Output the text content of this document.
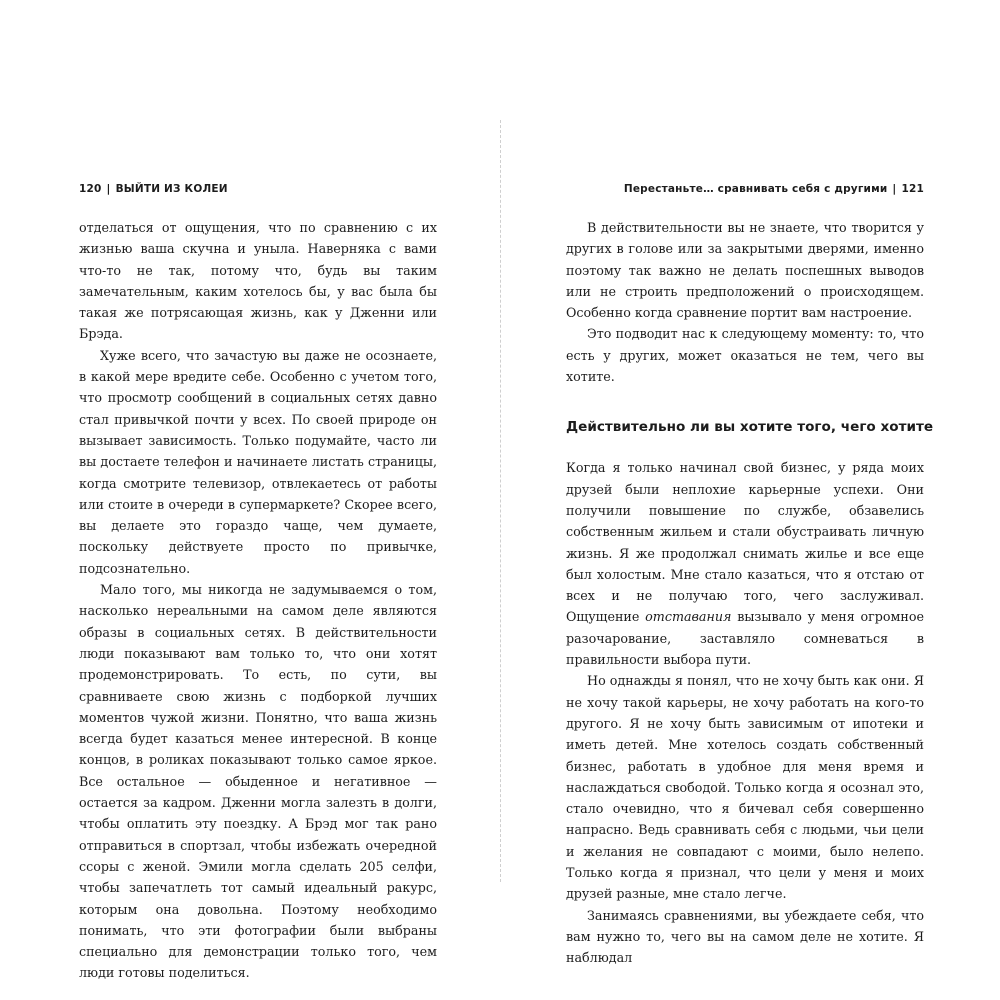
120 | ВЫЙТИ ИЗ КОЛЕИ

отделаться от ощущения, что по сравнению с их жизнью ваша скучна и уныла. Наверняка с вами что-то не так, потому что, будь вы таким замечательным, каким хотелось бы, у вас была бы такая же потрясающая жизнь, как у Дженни или Брэда.

Хуже всего, что зачастую вы даже не осознаете, в какой мере вредите себе. Особенно с учетом того, что просмотр сообщений в социальных сетях давно стал привычкой почти у всех. По своей природе он вызывает зависимость. Только подумайте, часто ли вы достаете телефон и начинаете листать страницы, когда смотрите телевизор, отвлекаетесь от работы или стоите в очереди в супермаркете? Скорее всего, вы делаете это гораздо чаще, чем думаете, поскольку действуете просто по привычке, подсознательно.

Мало того, мы никогда не задумываемся о том, насколько нереальными на самом деле являются образы в социальных сетях. В действительности люди показывают вам только то, что они хотят продемонстрировать. То есть, по сути, вы сравниваете свою жизнь с подборкой лучших моментов чужой жизни. Понятно, что ваша жизнь всегда будет казаться менее интересной. В конце концов, в роликах показывают только самое яркое. Все остальное — обыденное и негативное — остается за кадром. Дженни могла залезть в долги, чтобы оплатить эту поездку. А Брэд мог так рано отправиться в спортзал, чтобы избежать очередной ссоры с женой. Эмили могла сделать 205 селфи, чтобы запечатлеть тот самый идеальный ракурс, которым она довольна. Поэтому необходимо понимать, что эти фотографии были выбраны специально для демонстрации только того, чем люди готовы поделиться.

Перестаньте… сравнивать себя с другими | 121

В действительности вы не знаете, что творится у других в голове или за закрытыми дверями, именно поэтому так важно не делать поспешных выводов или не строить предположений о происходящем. Особенно когда сравнение портит вам настроение.

Это подводит нас к следующему моменту: то, что есть у других, может оказаться не тем, чего вы хотите.

Действительно ли вы хотите того, чего хотите

Когда я только начинал свой бизнес, у ряда моих друзей были неплохие карьерные успехи. Они получили повышение по службе, обзавелись собственным жильем и стали обустраивать личную жизнь. Я же продолжал снимать жилье и все еще был холостым. Мне стало казаться, что я отстаю от всех и не получаю того, чего заслуживал. Ощущение отставания вызывало у меня огромное разочарование, заставляло сомневаться в правильности выбора пути.

Но однажды я понял, что не хочу быть как они. Я не хочу такой карьеры, не хочу работать на кого-то другого. Я не хочу быть зависимым от ипотеки и иметь детей. Мне хотелось создать собственный бизнес, работать в удобное для меня время и наслаждаться свободой. Только когда я осознал это, стало очевидно, что я бичевал себя совершенно напрасно. Ведь сравнивать себя с людьми, чьи цели и желания не совпадают с моими, было нелепо. Только когда я признал, что цели у меня и моих друзей разные, мне стало легче.

Занимаясь сравнениями, вы убеждаете себя, что вам нужно то, чего вы на самом деле не хотите. Я наблюдал
